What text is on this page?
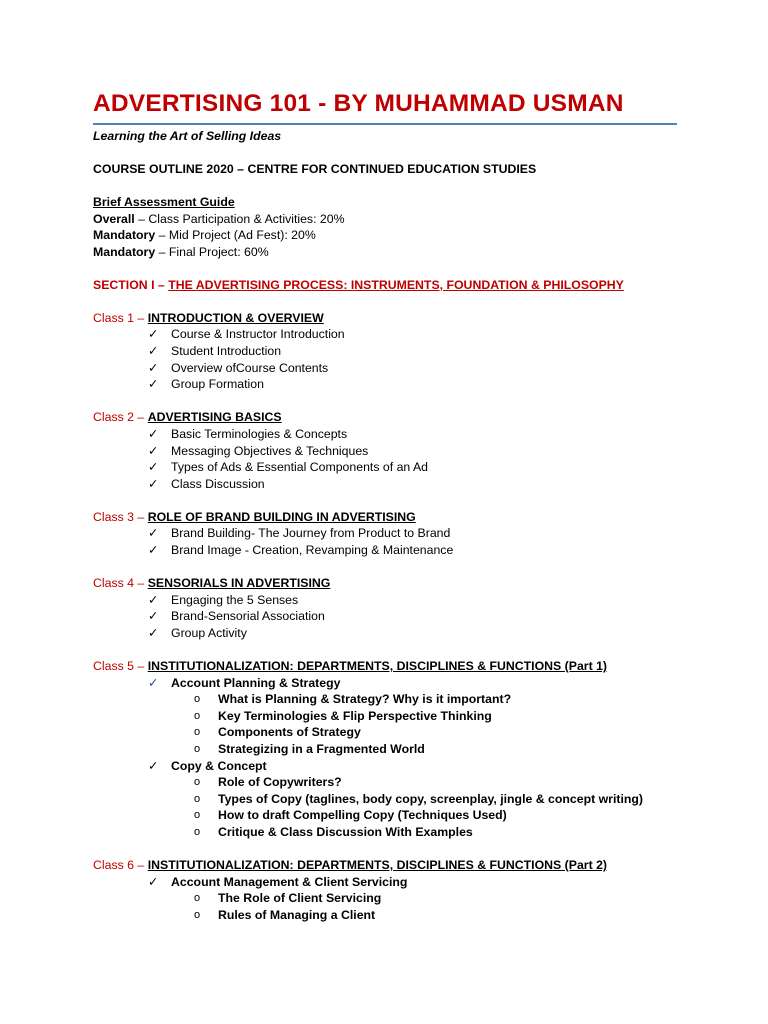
ADVERTISING 101 - BY MUHAMMAD USMAN
Learning the Art of Selling Ideas
COURSE OUTLINE 2020 – CENTRE FOR CONTINUED EDUCATION STUDIES
Brief Assessment Guide
Overall – Class Participation & Activities: 20%
Mandatory – Mid Project (Ad Fest): 20%
Mandatory – Final Project: 60%
SECTION I – THE ADVERTISING PROCESS: INSTRUMENTS, FOUNDATION & PHILOSOPHY
Class 1 – INTRODUCTION & OVERVIEW
✓ Course & Instructor Introduction
✓ Student Introduction
✓ Overview ofCourse Contents
✓ Group Formation
Class 2 – ADVERTISING BASICS
✓ Basic Terminologies & Concepts
✓ Messaging Objectives & Techniques
✓ Types of Ads & Essential Components of an Ad
✓ Class Discussion
Class 3 – ROLE OF BRAND BUILDING IN ADVERTISING
✓ Brand Building- The Journey from Product to Brand
✓ Brand Image - Creation, Revamping & Maintenance
Class 4 – SENSORIALS IN ADVERTISING
✓ Engaging the 5 Senses
✓ Brand-Sensorial Association
✓ Group Activity
Class 5 – INSTITUTIONALIZATION: DEPARTMENTS, DISCIPLINES & FUNCTIONS (Part 1)
✓ Account Planning & Strategy
o What is Planning & Strategy? Why is it important?
o Key Terminologies & Flip Perspective Thinking
o Components of Strategy
o Strategizing in a Fragmented World
✓ Copy & Concept
o Role of Copywriters?
o Types of Copy (taglines, body copy, screenplay, jingle & concept writing)
o How to draft Compelling Copy (Techniques Used)
o Critique & Class Discussion With Examples
Class 6 – INSTITUTIONALIZATION: DEPARTMENTS, DISCIPLINES & FUNCTIONS (Part 2)
✓ Account Management & Client Servicing
o The Role of Client Servicing
o Rules of Managing a Client
